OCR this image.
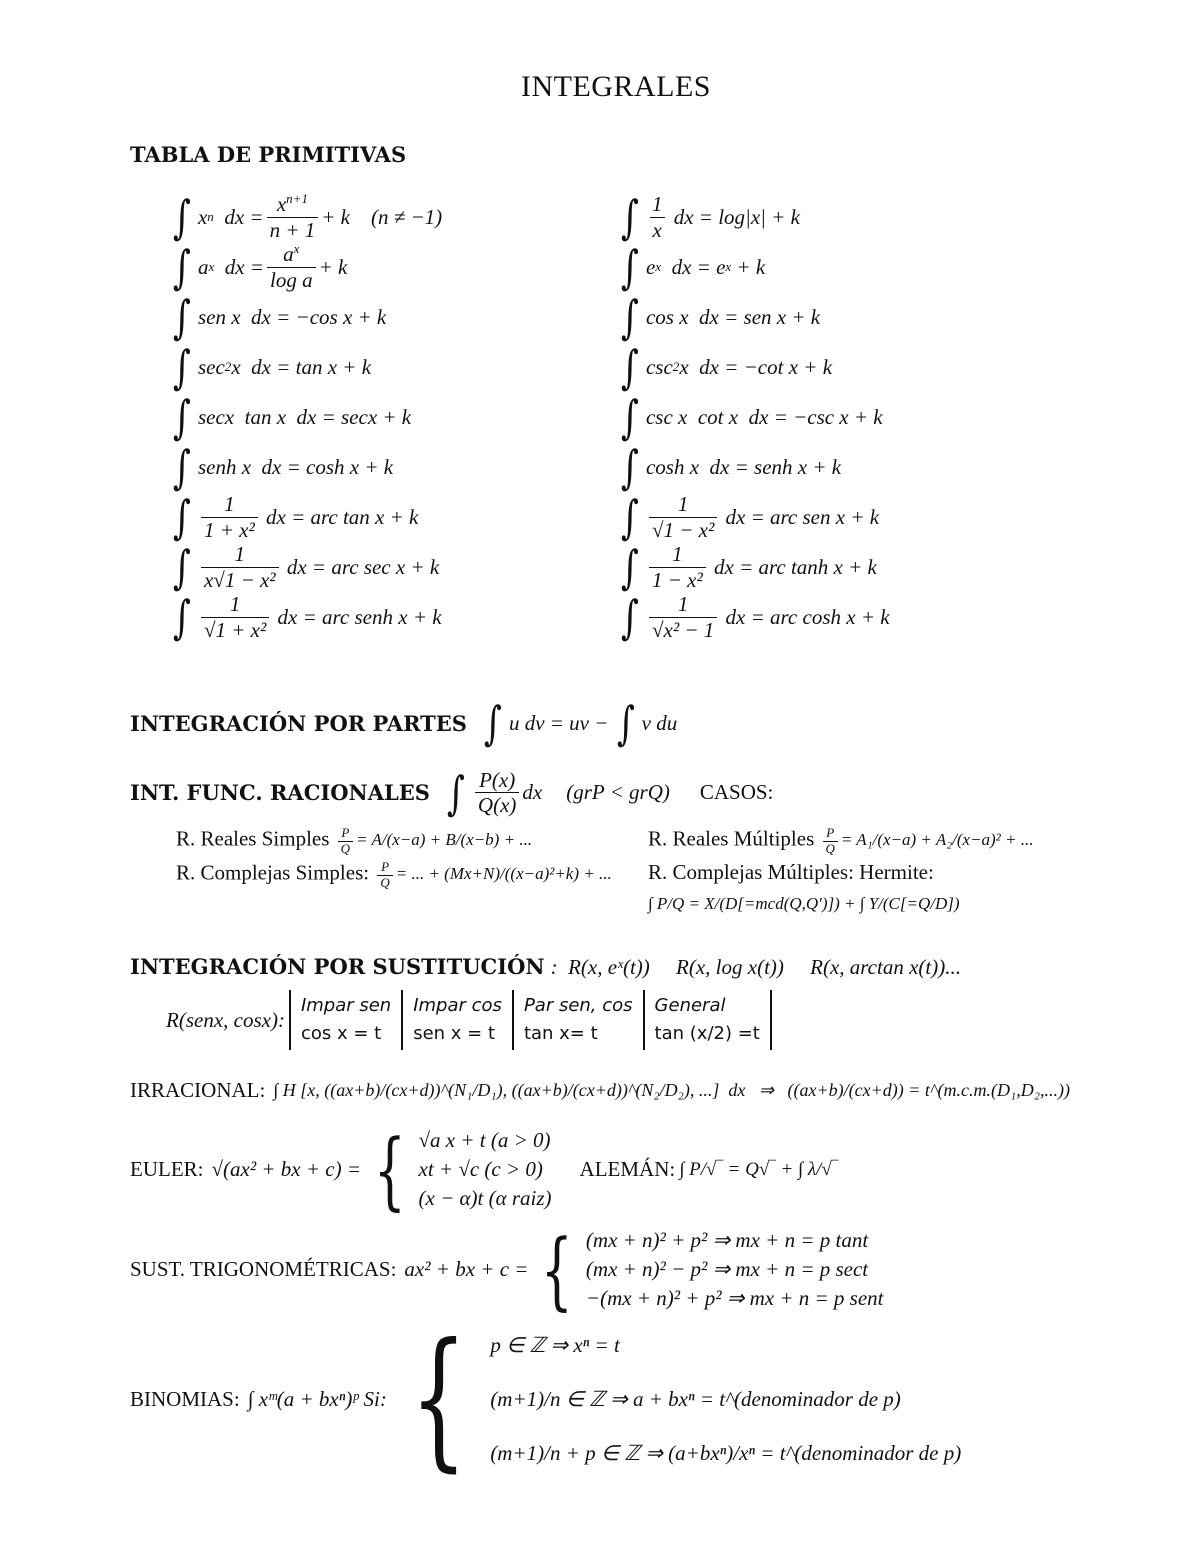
INTEGRALES
TABLA DE PRIMITIVAS
∫ x n
dx = $\frac{x^{n+1}}{n + 1} + k$    (n ≠ −1)
∫ a x
dx = $\frac{a^x}{\text{log a}} + k$
∫ sen x  dx = −cos x + k
∫ sec 2 x  dx = tan x + k
∫ secx  tan x  dx = secx + k
∫ senh x  dx = cosh x + k
∫ $\frac{1}{\text{1 + x²}}$
dx = arc tan x + k
∫ $\frac{1}{\text{x√1 − x²}}$
dx = arc sec x + k
∫ $\frac{1}{\text{√1 + x²}}$
dx = arc senh x + k
∫ $\frac{1}{x}$
dx = log|x| + k
∫ e x dx = e x + k
∫ cos x  dx = sen x + k
∫ csc 2 x  dx = −cot x + k
∫ csc x  cot x  dx = −csc x + k
∫ cosh x  dx = senh x + k
∫ $\frac{1}{\text{√1 − x²}}$
dx = arc sen x + k
∫ $\frac{1}{\text{1 − x²}}$
dx = arc tanh x + k
∫ $\frac{1}{\text{√x² − 1}}$
dx = arc cosh x + k
INTEGRACIÓN POR PARTES ∫ u dv = uv −
∫ v du
INT. FUNC. RACIONALES ∫ $\frac{P(x)}{Q(x)}$ dx (grP < grQ) CASOS:
R. Reales Simples $\frac{P}{Q} = A/(x-a) + B/(x-b)$ + ...	R. Reales Múltiples $\frac{P}{Q} = A_1/(x-a) + A_2/(x-a)^2$ + ...
R. Complejas Simples: $\frac{P}{Q}$ = ... + (Mx+N)/((x−a)²+k) + ... R. Complejas Múltiples: Hermite:
∫ P/Q = X/(D[=mcd(Q,Q′)]) + ∫ Y/(C[=Q/D])
INTEGRACIÓN POR SUSTITUCIÓN :  R(x, eˣ(t))     R(x, log x(t))     R(x, arctan x(t))...
R(senx, cosx):
Impar sen
cos x = t
Impar cos
sen x = t
Par sen, cos
tan x= t
General
tan (x/2) =t
IRRACIONAL: ∫ H [x, ((ax+b)/(cx+d))^(N₁/D₁), ((ax+b)/(cx+d))^(N₂/D₂), ...]  dx   ⇒   ((ax+b)/(cx+d)) = t^(m.c.m.(D₁,D₂,...))
EULER: √(ax² + bx + c) = { √a x + t (a > 0)
xt + √c (c > 0)
(x − α)t (α raiz)
ALEMÁN: ∫ P/√‾ = Q√‾ + ∫ λ/√‾
SUST. TRIGONOMÉTRICAS: ax² + bx + c = { (mx + n)² + p² ⇒ mx + n = p tant
(mx + n)² − p² ⇒ mx + n = p sect
−(mx + n)² + p² ⇒ mx + n = p sent
BINOMIAS: ∫ xᵐ(a + bxⁿ)ᵖ Si: { p ∈ ℤ ⇒ xⁿ = t
(m+1)/n ∈ ℤ ⇒ a + bxⁿ = t^(denominador de p)
(m+1)/n + p ∈ ℤ ⇒ (a+bxⁿ)/xⁿ = t^(denominador de p)
